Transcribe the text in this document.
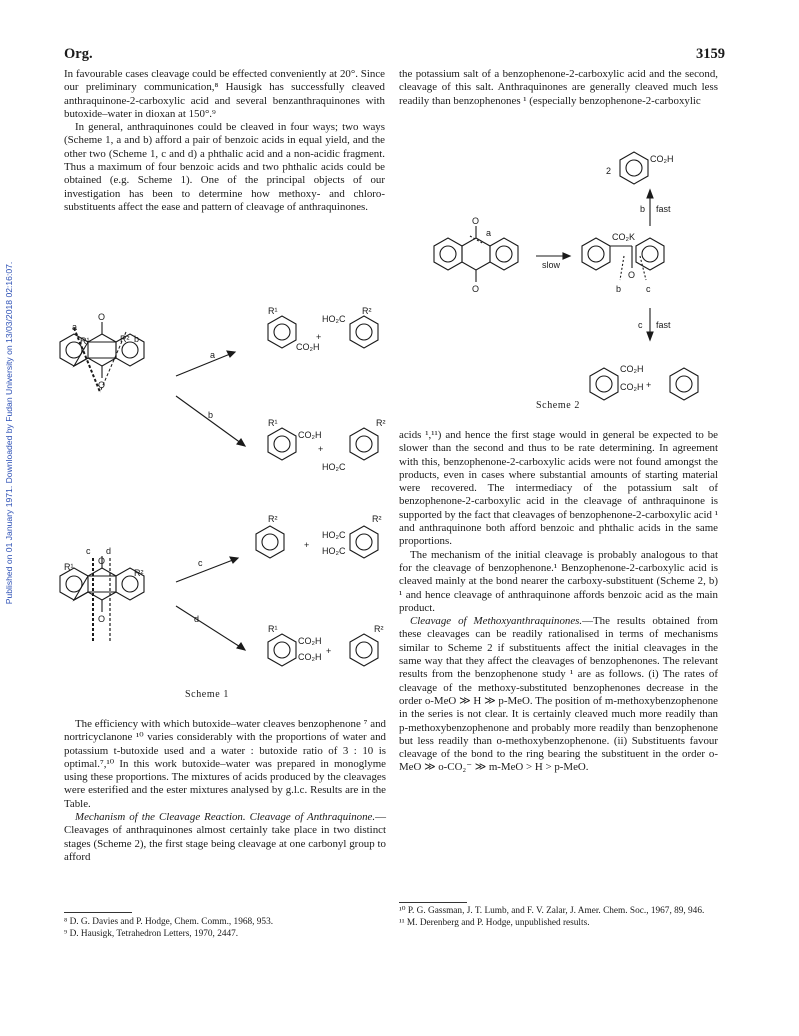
Org.	3159
Published on 01 January 1971. Downloaded by Fudan University on 13/03/2018 02:16:07.

In favourable cases cleavage could be effected conveniently at 20°. Since our preliminary communication,⁸ Hausigk has successfully cleaved anthraquinone-2-carboxylic acid and several benzanthraquinones with butoxide–water in dioxan at 150°.⁹

In general, anthraquinones could be cleaved in four ways; two ways (Scheme 1, a and b) afford a pair of benzoic acids in equal yield, and the other two (Scheme 1, c and d) a phthalic acid and a non-acidic fragment. Thus a maximum of four benzoic acids and two phthalic acids could be obtained (e.g. Scheme 1). One of the principal objects of our investigation has been to determine how methoxy- and chloro-substituents affect the ease and pattern of cleavage of anthraquinones.

a
b
R¹	R²
O
O
a
b
R¹
CO₂H
+
HO₂C
R²
R¹
CO₂H
+
HO₂C
R²
c d
R¹
R²
O
O
c
d
R²
+
HO₂C
HO₂C
R²
R¹
CO₂H
CO₂H
+
R²
Scheme 1

The efficiency with which butoxide–water cleaves benzophenone ⁷ and nortricyclanone ¹⁰ varies considerably with the proportions of water and potassium t-butoxide used and a water : butoxide ratio of 3 : 10 is optimal.⁷,¹⁰ In this work butoxide–water was prepared in monoglyme using these proportions. The mixtures of acids produced by the cleavages were esterified and the ester mixtures analysed by g.l.c. Results are in the Table.

Mechanism of the Cleavage Reaction. Cleavage of Anthraquinone.—Cleavages of anthraquinones almost certainly take place in two distinct stages (Scheme 2), the first stage being cleavage at one carbonyl group to afford

the potassium salt of a benzophenone-2-carboxylic acid and the second, cleavage of this salt. Anthraquinones are generally cleaved much less readily than benzophenones ¹ (especially benzophenone-2-carboxylic

2
CO₂H
b fast
a
O
O
slow
CO₂K
O
b	c
c fast
CO₂H
CO₂H +
Scheme 2

acids ¹,¹¹) and hence the first stage would in general be expected to be slower than the second and thus to be rate determining. In agreement with this, benzophenone-2-carboxylic acids were not found amongst the products, even in cases where substantial amounts of starting material were recovered. The intermediacy of the potassium salt of benzophenone-2-carboxylic acid in the cleavage of anthraquinone is supported by the fact that cleavages of benzophenone-2-carboxylic acid ¹ and anthraquinone both afford benzoic and phthalic acids in the same proportions.

The mechanism of the initial cleavage is probably analogous to that for the cleavage of benzophenone.¹ Benzophenone-2-carboxylic acid is cleaved mainly at the bond nearer the carboxy-substituent (Scheme 2, b) ¹ and hence cleavage of anthraquinone affords benzoic acid as the main product.

Cleavage of Methoxyanthraquinones.—The results obtained from these cleavages can be readily rationalised in terms of mechanisms similar to Scheme 2 if substituents affect the initial cleavages in the same way that they affect the cleavages of benzophenones. The relevant results from the benzophenone study ¹ are as follows. (i) The rates of cleavage of the methoxy-substituted benzophenones decrease in the order o-MeO ≫ H ≫ p-MeO. The position of m-methoxybenzophenone in the series is not clear. It is certainly cleaved much more readily than p-methoxybenzophenone and probably more readily than benzophenone but less readily than o-methoxybenzophenone. (ii) Substituents favour cleavage of the bond to the ring bearing the substituent in the order o-MeO ≫ o-CO₂⁻ ≫ m-MeO > H > p-MeO.

⁸ D. G. Davies and P. Hodge, Chem. Comm., 1968, 953.

⁹ D. Hausigk, Tetrahedron Letters, 1970, 2447.

¹⁰ P. G. Gassman, J. T. Lumb, and F. V. Zalar, J. Amer. Chem. Soc., 1967, 89, 946.

¹¹ M. Derenberg and P. Hodge, unpublished results.
